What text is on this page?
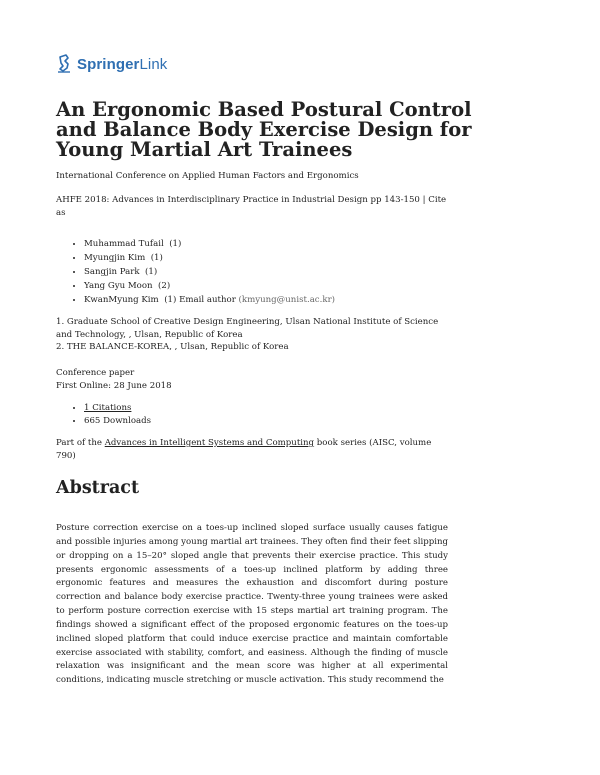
SpringerLink
An Ergonomic Based Postural Control and Balance Body Exercise Design for Young Martial Art Trainees
International Conference on Applied Human Factors and Ergonomics
AHFE 2018: Advances in Interdisciplinary Practice in Industrial Design pp 143-150 | Cite as
• Muhammad Tufail (1)
• Myungjin Kim (1)
• Sangjin Park (1)
• Yang Gyu Moon (2)
• KwanMyung Kim (1) Email author (kmyung@unist.ac.kr)
1. Graduate School of Creative Design Engineering, Ulsan National Institute of Science and Technology, , Ulsan, Republic of Korea
2. THE BALANCE-KOREA, , Ulsan, Republic of Korea
Conference paper
First Online: 28 June 2018
• 1 Citations
• 665 Downloads
Part of the Advances in Intelligent Systems and Computing book series (AISC, volume 790)
Abstract

Posture correction exercise on a toes-up inclined sloped surface usually causes fatigue and possible injuries among young martial art trainees. They often find their feet slipping or dropping on a 15–20° sloped angle that prevents their exercise practice. This study presents ergonomic assessments of a toes-up inclined platform by adding three ergonomic features and measures the exhaustion and discomfort during posture correction and balance body exercise practice. Twenty-three young trainees were asked to perform posture correction exercise with 15 steps martial art training program. The findings showed a significant effect of the proposed ergonomic features on the toes-up inclined sloped platform that could induce exercise practice and maintain comfortable exercise associated with stability, comfort, and easiness. Although the finding of muscle relaxation was insignificant and the mean score was higher at all experimental conditions, indicating muscle stretching or muscle activation. This study recommend the
